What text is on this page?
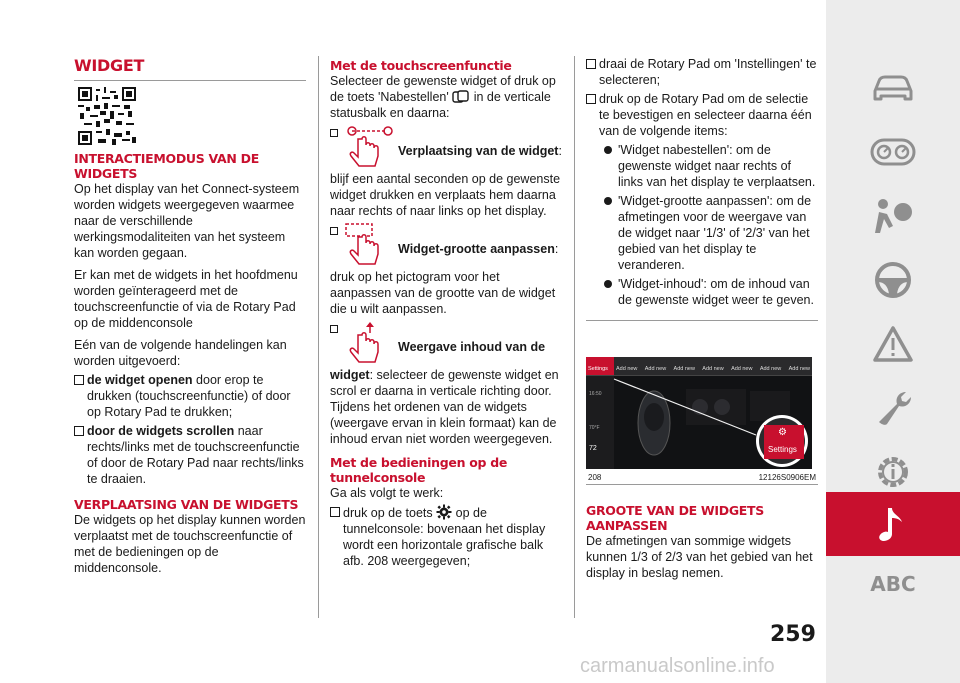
WIDGET
INTERACTIEMODUS VAN DE WIDGETS

Op het display van het Connect-systeem worden widgets weergegeven waarmee naar de verschillende werkingsmodaliteiten van het systeem kan worden gegaan.

Er kan met de widgets in het hoofdmenu worden geïnterageerd met de touchscreenfunctie of via de Rotary Pad op de middenconsole

Eén van de volgende handelingen kan worden uitgevoerd:

de widget openen door erop te drukken (touchscreenfunctie) of door op Rotary Pad te drukken;
door de widgets scrollen naar rechts/links met de touchscreenfunctie of door de Rotary Pad naar rechts/links te draaien.
VERPLAATSING VAN DE WIDGETS

De widgets op het display kunnen worden verplaatst met de touchscreenfunctie of met de bedieningen op de middenconsole.

Met de touchscreenfunctie

Selecteer de gewenste widget of druk op de toets 'Nabestellen'  in de verticale statusbalk en daarna:

Verplaatsing van de widget:

blijf een aantal seconden op de gewenste widget drukken en verplaats hem daarna naar rechts of naar links op het display.

Widget-grootte aanpassen:

druk op het pictogram voor het aanpassen van de grootte van de widget die u wilt aanpassen.

Weergave inhoud van de

widget: selecteer de gewenste widget en scrol er daarna in verticale richting door. Tijdens het ordenen van de widgets (weergave ervan in klein formaat) kan de inhoud ervan niet worden weergegeven.

Met de bedieningen op de tunnelconsole

Ga als volgt te werk:

druk op de toets  op de tunnelconsole: bovenaan het display wordt een horizontale grafische balk afb. 208 weergegeven;
draai de Rotary Pad om 'Instellingen' te selecteren;
druk op de Rotary Pad om de selectie te bevestigen en selecteer daarna één van de volgende items:
'Widget nabestellen': om de gewenste widget naar rechts of links van het display te verplaatsen.
'Widget-grootte aanpassen': om de afmetingen voor de weergave van de widget naar '1/3' of '2/3' van het gebied van het display te veranderen.
'Widget-inhoud': om de inhoud van de gewenste widget weer te geven.
Settings Add new Add new Add new Add new Add new Add new Add new
16:50
70°F
72
⚙
Settings
208	12126S0906EM
GROOTE VAN DE WIDGETS AANPASSEN

De afmetingen van sommige widgets kunnen 1/3 of 2/3 van het gebied van het display in beslag nemen.

259
ABC
carmanualsonline.info
